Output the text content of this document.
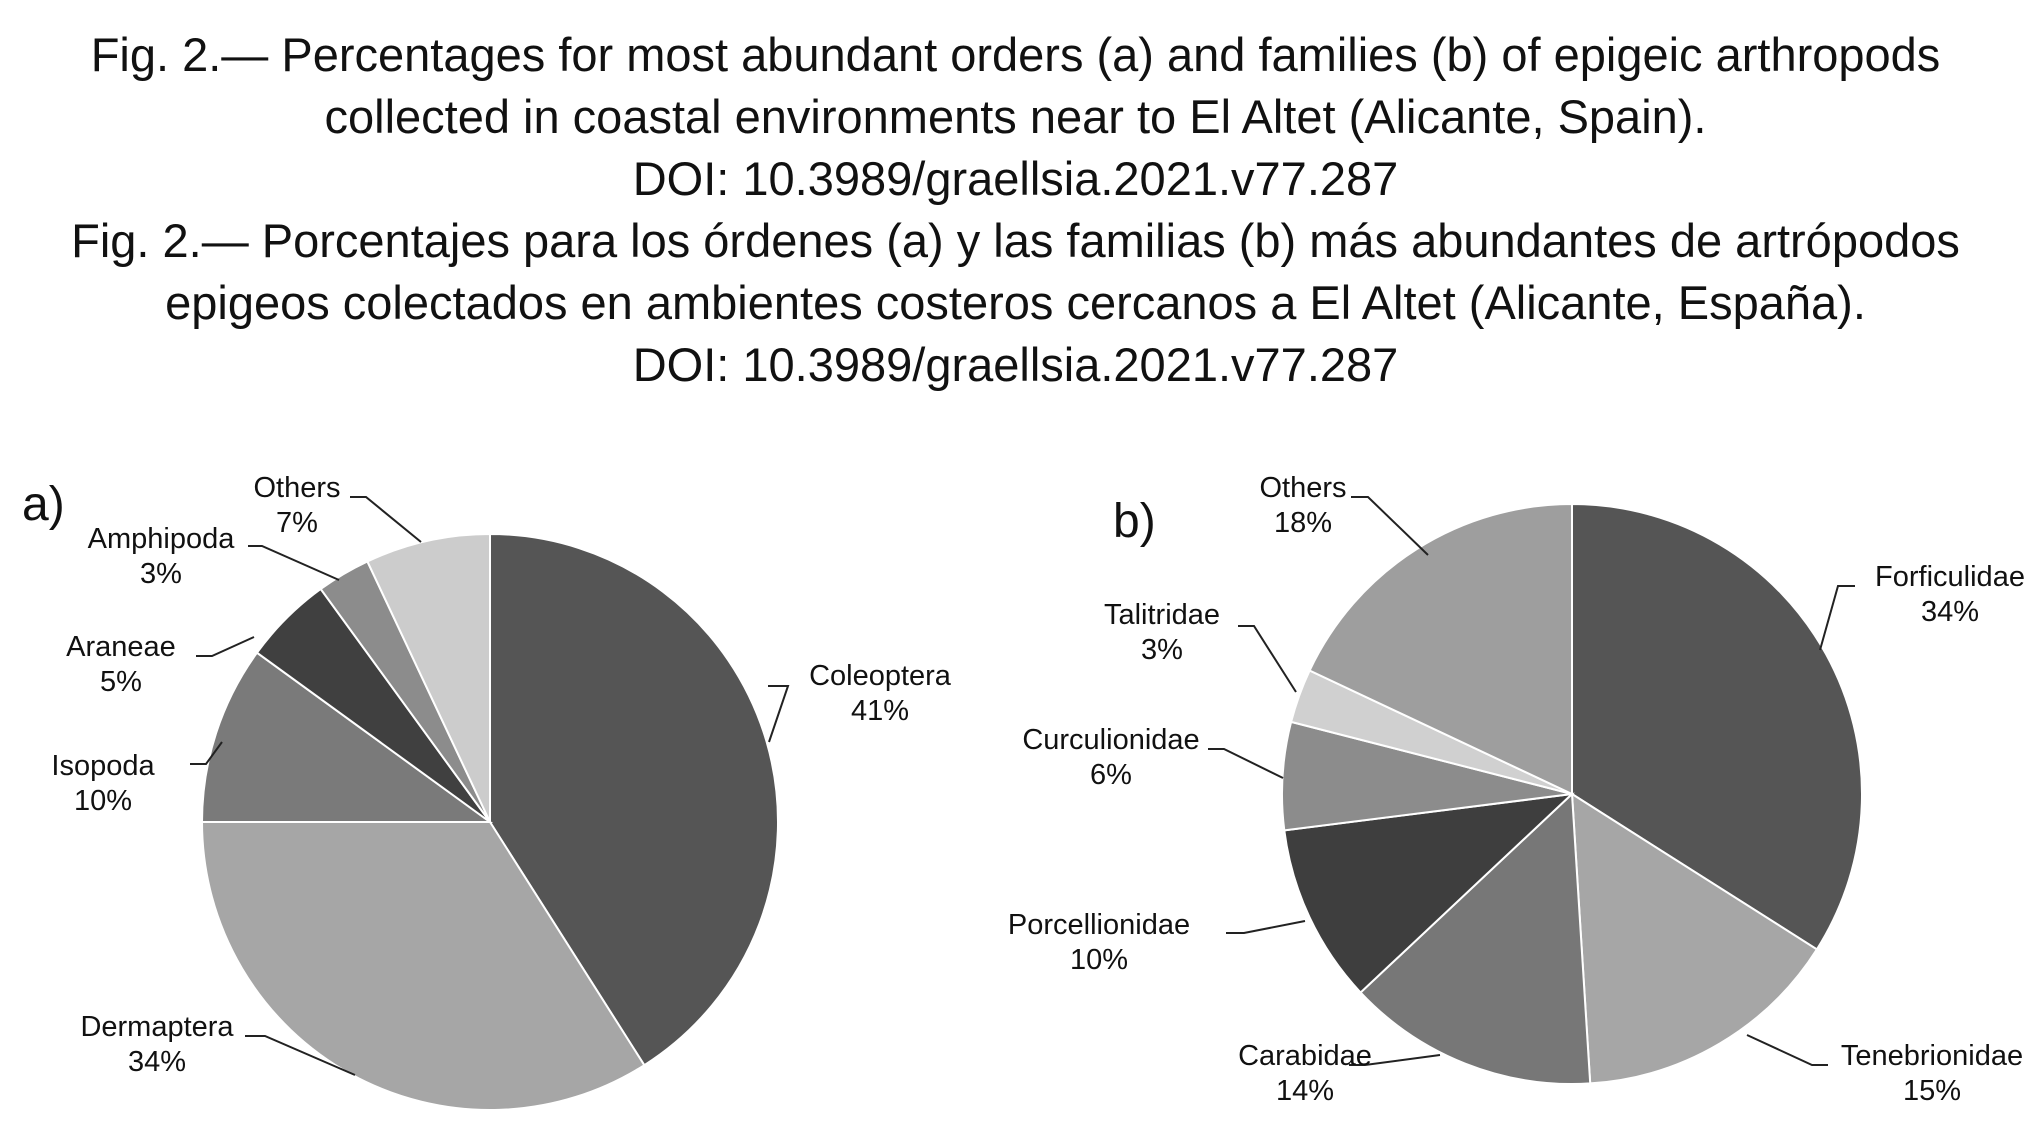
Fig. 2.— Percentages for most abundant orders (a) and families (b) of epigeic arthropods
collected in coastal environments near to El Altet (Alicante, Spain).
DOI: 10.3989/graellsia.2021.v77.287
Fig. 2.— Porcentajes para los órdenes (a) y las familias (b) más abundantes de artrópodos
epigeos colectados en ambientes costeros cercanos a El Altet (Alicante, España).
DOI: 10.3989/graellsia.2021.v77.287
Coleoptera
41%
Dermaptera
34%
Isopoda
10%
Araneae
5%
Amphipoda
3%
Others
7%
a)
Forficulidae
34%
Tenebrionidae
15%
Carabidae
14%
Porcellionidae
10%
Curculionidae
6%
Talitridae
3%
Others
18%
b)
